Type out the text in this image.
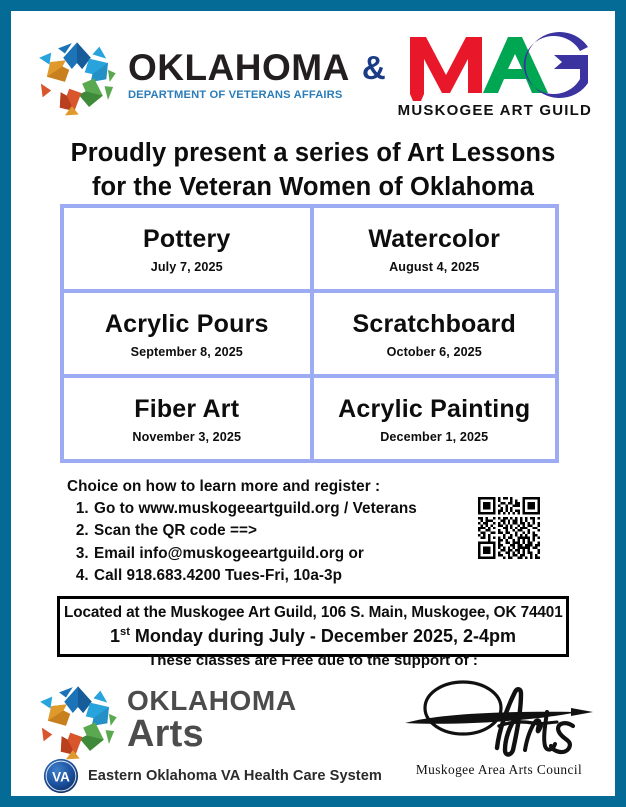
OKLAHOMA
DEPARTMENT OF VETERANS AFFAIRS
&
MUSKOGEE ART GUILD
Proudly present a series of Art Lessons
for the Veteran Women of Oklahoma
Pottery
July 7, 2025
Watercolor
August 4, 2025
Acrylic Pours
September 8, 2025
Scratchboard
October 6, 2025
Fiber Art
November 3, 2025
Acrylic Painting
December 1, 2025
Choice on how to learn more and register :
1. Go to www.muskogeeartguild.org / Veterans
2. Scan the QR code ==>
3. Email info@muskogeeartguild.org or
4. Call 918.683.4200 Tues-Fri, 10a-3p
Located at the Muskogee Art Guild, 106 S. Main, Muskogee, OK 74401
1st Monday during July - December 2025, 2-4pm
These classes are Free due to the support of :
OKLAHOMA
Arts
VA Eastern Oklahoma VA Health Care System	Muskogee Area Arts Council
